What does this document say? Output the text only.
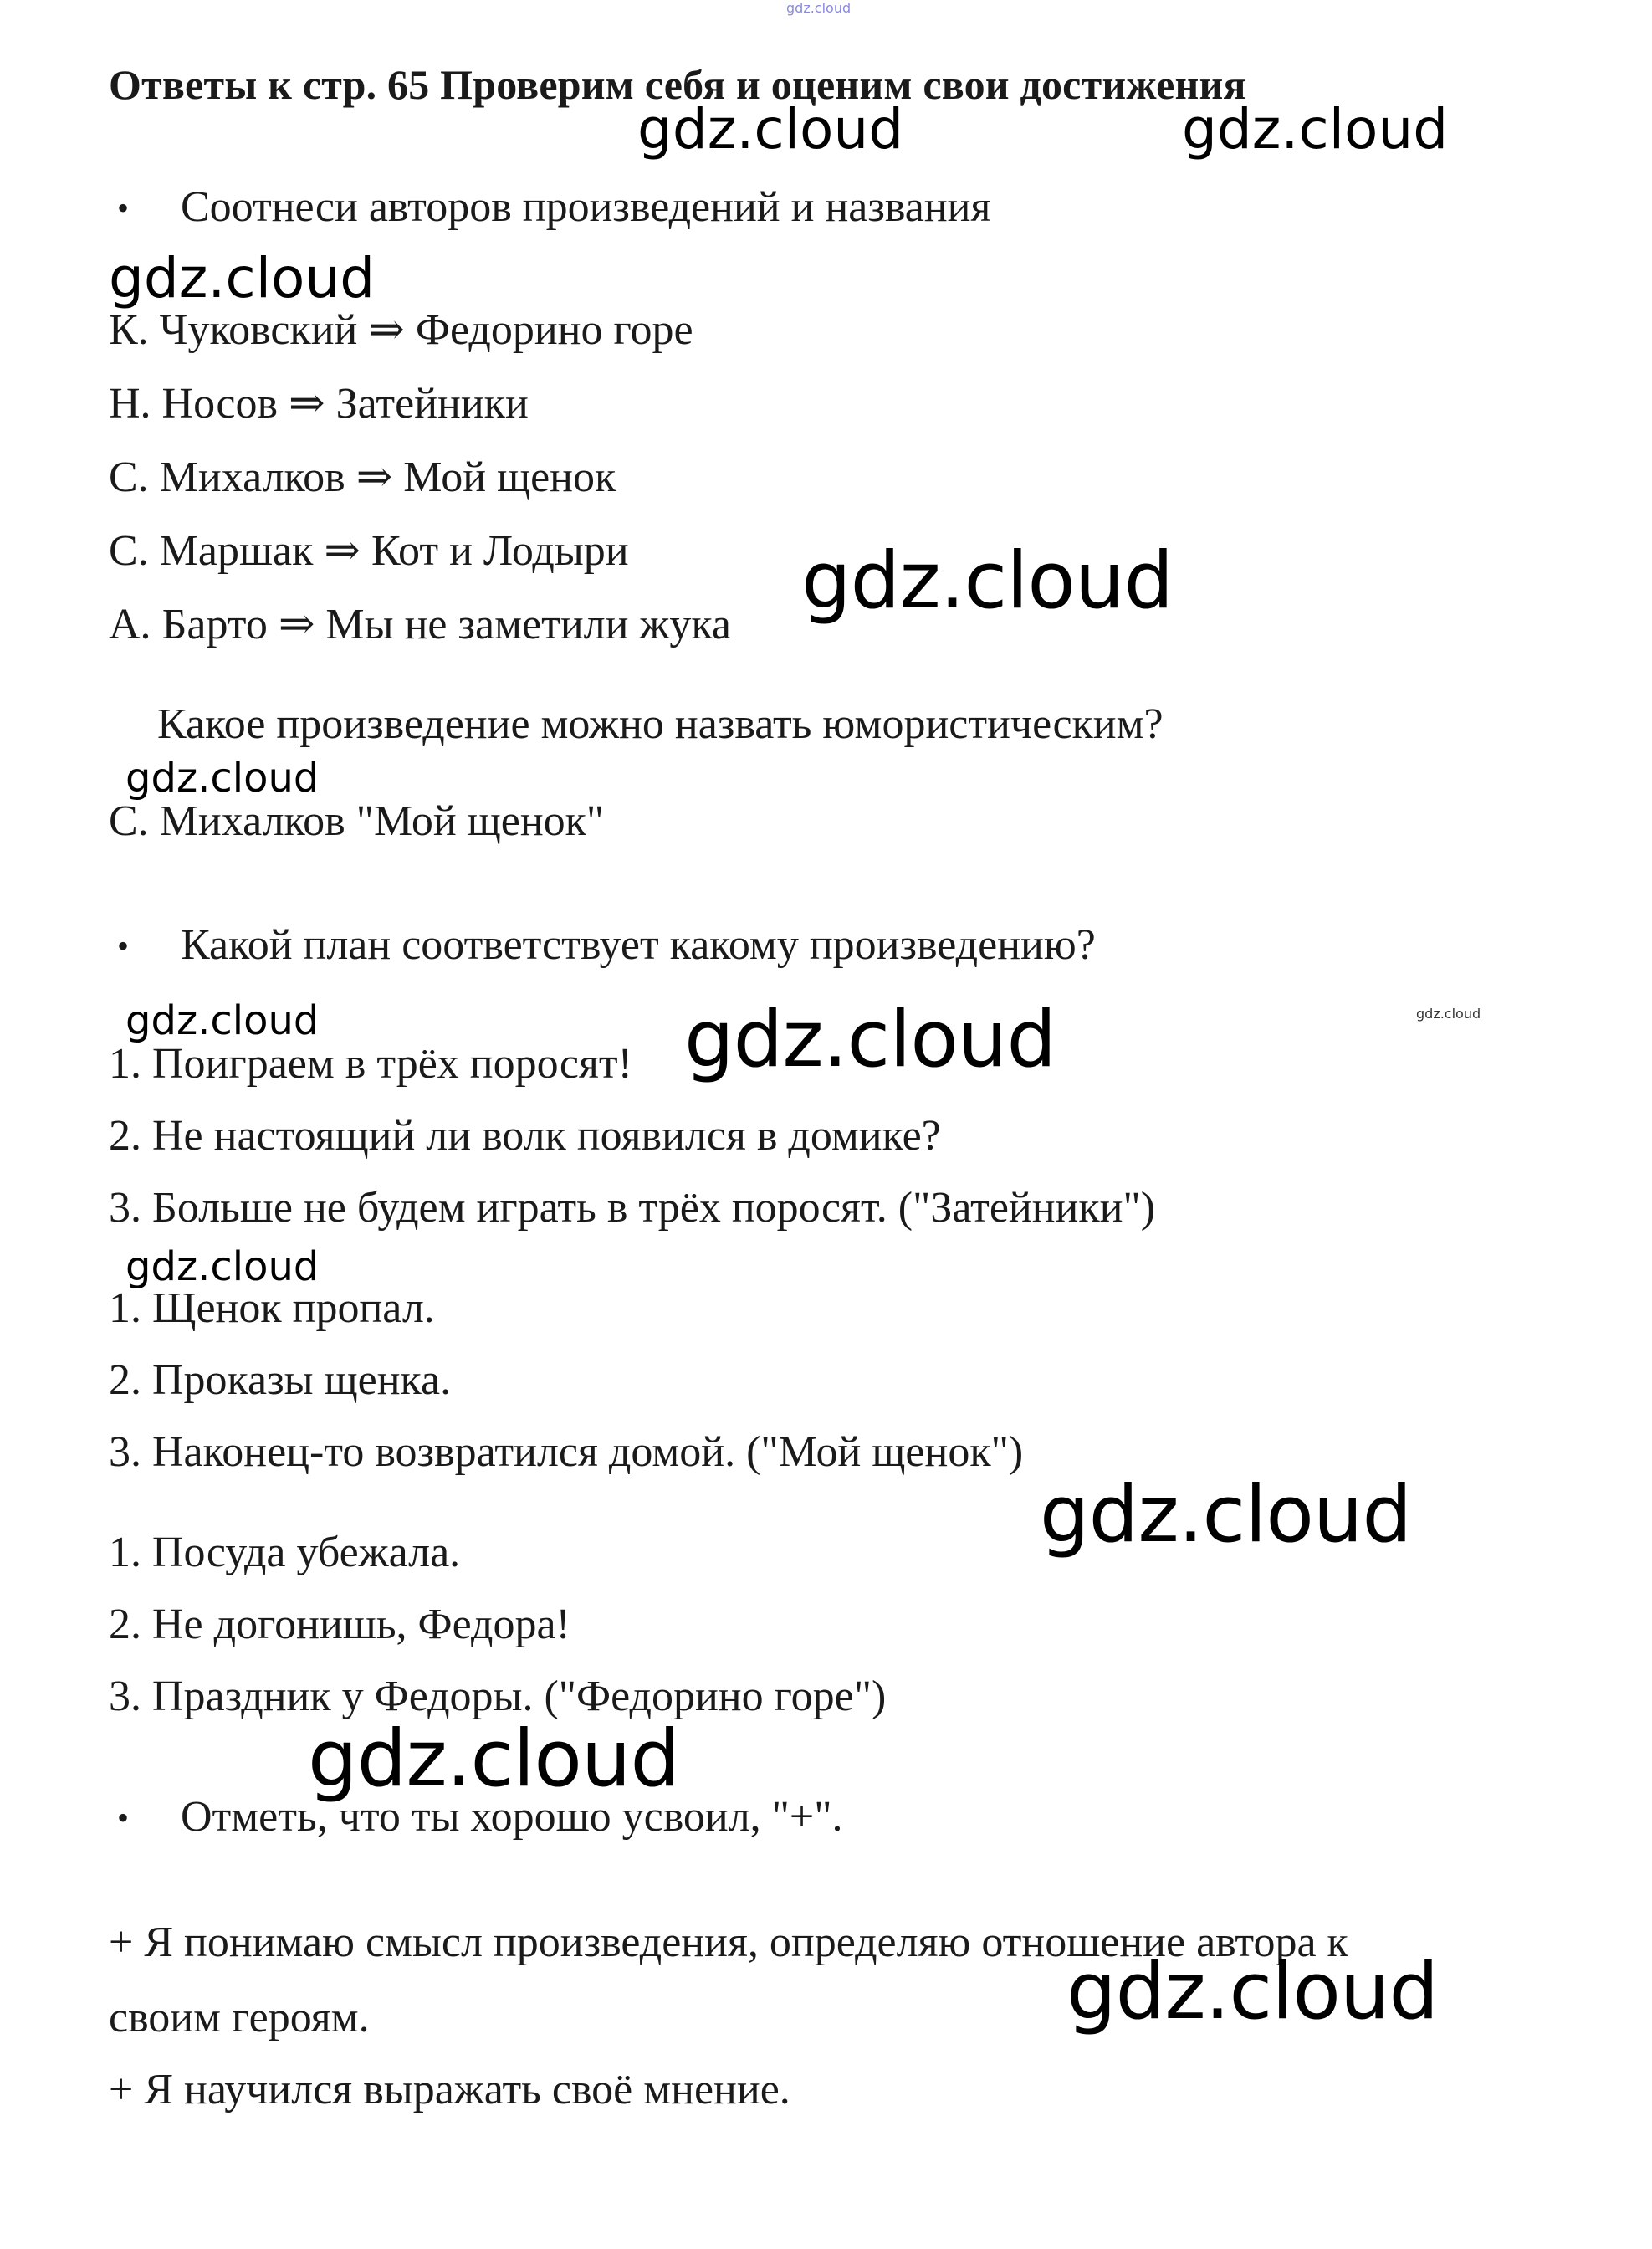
gdz.cloud
Ответы к стр. 65 Проверим себя и оценим свои достижения
gdz.cloud	gdz.cloud
• Соотнеси авторов произведений и названия
gdz.cloud
К. Чуковский ⇒ Федорино горе
Н. Носов ⇒ Затейники
С. Михалков ⇒ Мой щенок
С. Маршак ⇒ Кот и Лодыри
А. Барто ⇒ Мы не заметили жука gdz.cloud
Какое произведение можно назвать юмористическим?
gdz.cloud
С. Михалков "Мой щенок"
• Какой план соответствует какому произведению?
gdz.cloud	gdz.cloud	gdz.cloud
1. Поиграем в трёх поросят!
2. Не настоящий ли волк появился в домике?
3. Больше не будем играть в трёх поросят. ("Затейники")
gdz.cloud
1. Щенок пропал.
2. Проказы щенка.
3. Наконец-то возвратился домой. ("Мой щенок")
gdz.cloud
1. Посуда убежала.
2. Не догонишь, Федора!
3. Праздник у Федоры. ("Федорино горе")
gdz.cloud
• Отметь, что ты хорошо усвоил, "+".
+ Я понимаю смысл произведения, определяю отношение автора к
своим героям.
+ Я научился выражать своё мнение.
gdz.cloud
